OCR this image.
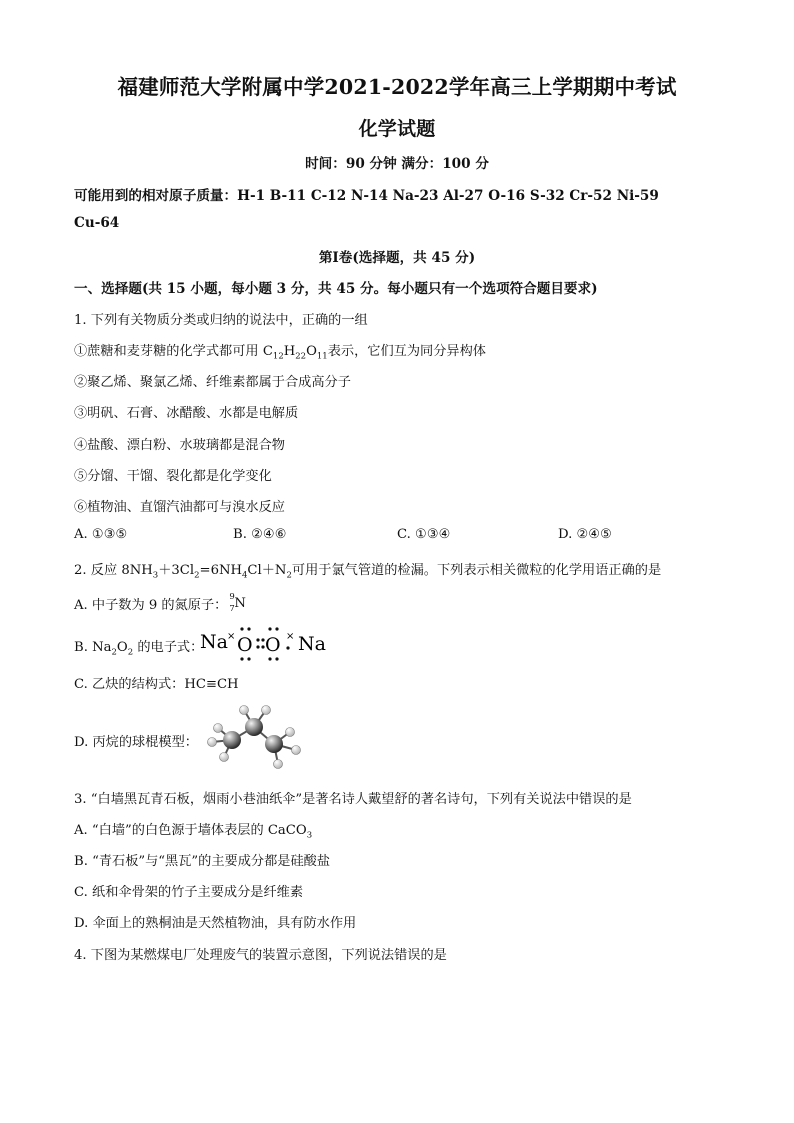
福建师范大学附属中学2021-2022学年高三上学期期中考试
化学试题
时间：90 分钟 满分：100 分
可能用到的相对原子质量：H-1 B-11 C-12 N-14 Na-23 Al-27 O-16 S-32 Cr-52 Ni-59
Cu-64
第Ⅰ卷(选择题，共 45 分)
一、选择题(共 15 小题，每小题 3 分，共 45 分。每小题只有一个选项符合题目要求)
1. 下列有关物质分类或归纳的说法中，正确的一组
①蔗糖和麦芽糖的化学式都可用 $C_{12}H_{22}O_{11}$表示，它们互为同分异构体
②聚乙烯、聚氯乙烯、纤维素都属于合成高分子
③明矾、石膏、冰醋酸、水都是电解质
④盐酸、漂白粉、水玻璃都是混合物
⑤分馏、干馏、裂化都是化学变化
⑥植物油、直馏汽油都可与溴水反应
A. ①③⑤	B. ②④⑥	C. ①③④	D. ②④⑤
2. 反应 $8NH_3+3Cl_2=6NH_4Cl+N_2$可用于氯气管道的检漏。下列表示相关微粒的化学用语正确的是
A. 中子数为 9 的氮原子：
9
7 N
B. $Na_2O_2$ 的电子式：
Na × O O × Na
C. 乙炔的结构式：HC≡CH
D. 丙烷的球棍模型：
3. “白墙黑瓦青石板，烟雨小巷油纸伞”是著名诗人戴望舒的著名诗句，下列有关说法中错误的是
A. “白墙”的白色源于墙体表层的 CaCO$_3$
B. “青石板”与“黑瓦”的主要成分都是硅酸盐
C. 纸和伞骨架的竹子主要成分是纤维素
D. 伞面上的熟桐油是天然植物油，具有防水作用
4. 下图为某燃煤电厂处理废气的装置示意图，下列说法错误的是
